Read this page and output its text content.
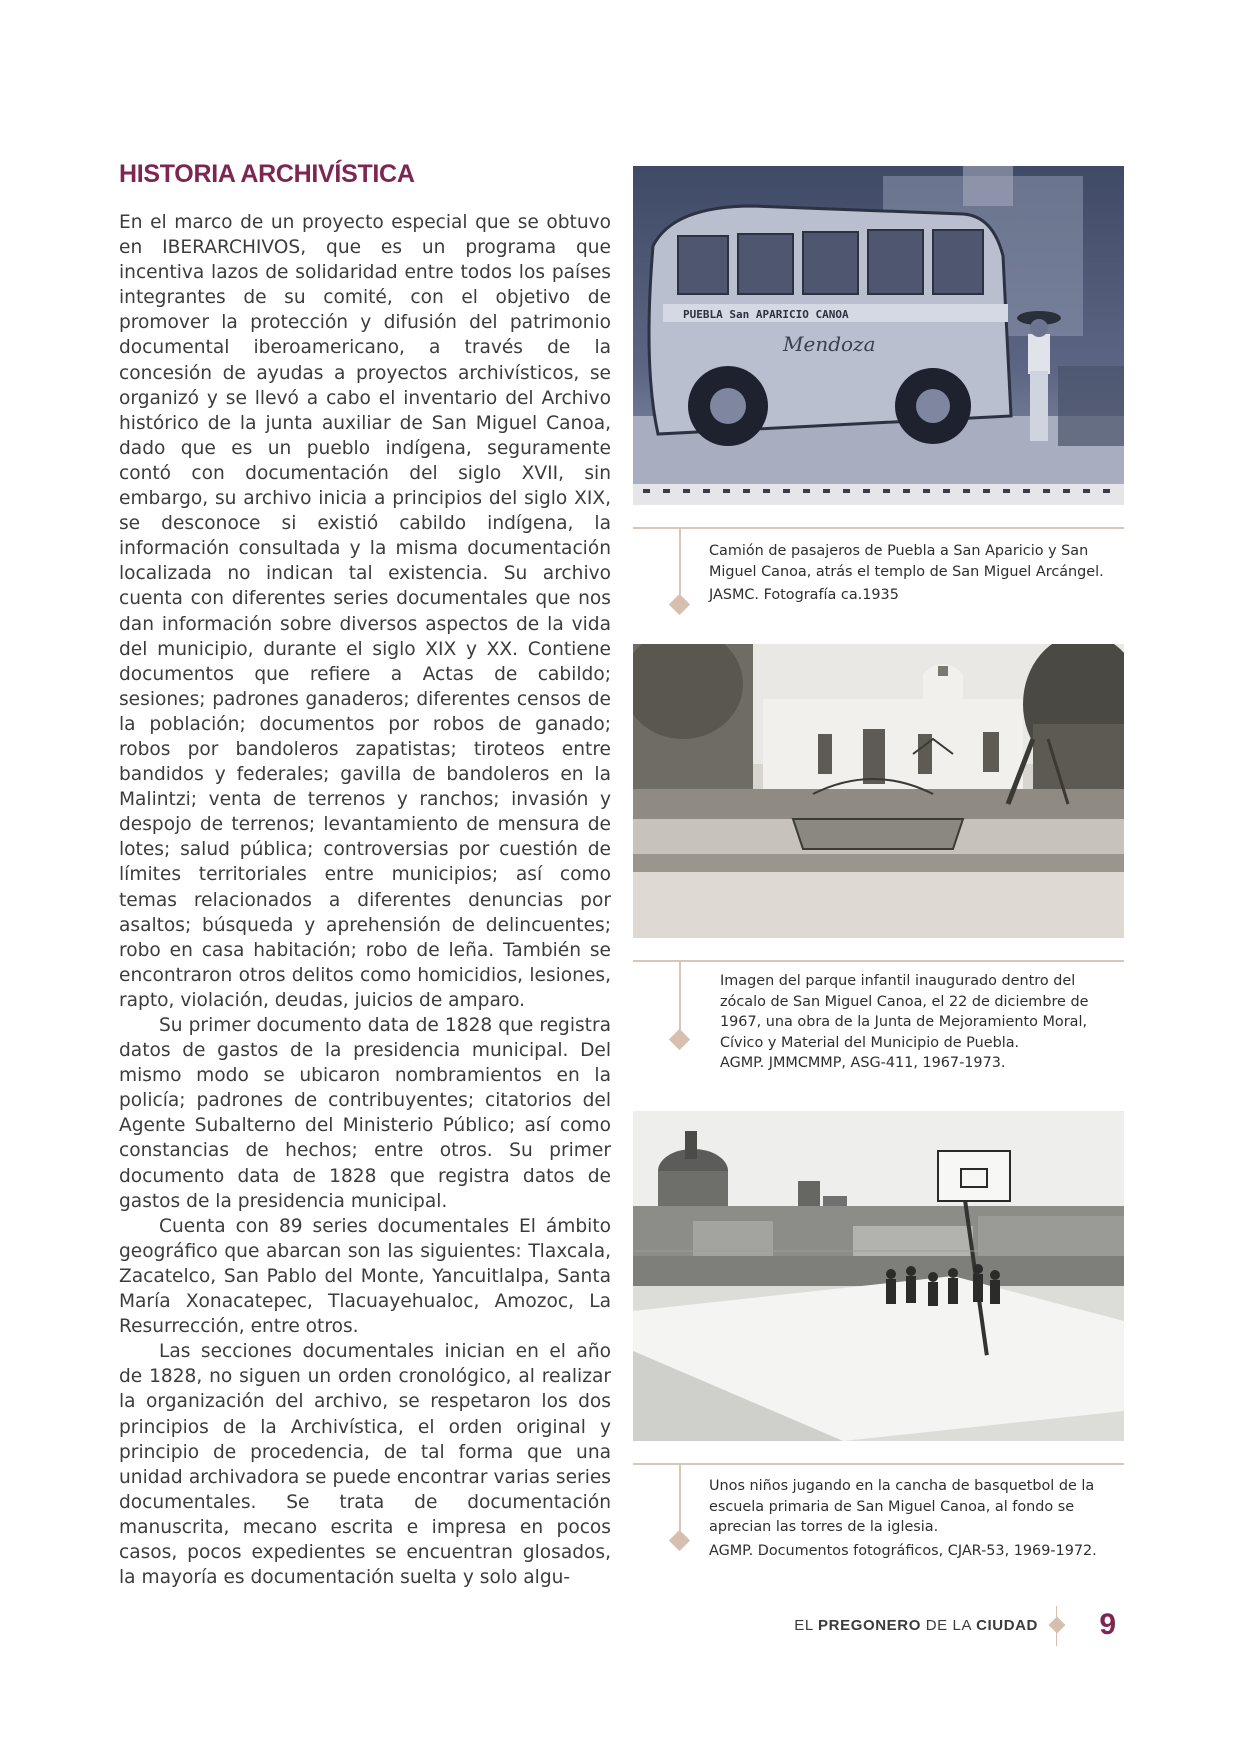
HISTORIA ARCHIVÍSTICA

En el marco de un proyecto especial que se obtuvo en IBERARCHIVOS, que es un programa que incentiva lazos de solidaridad entre todos los países integrantes de su comité, con el objetivo de promover la protección y difusión del patrimonio documental iberoamericano, a través de la concesión de ayudas a proyectos archivísticos, se organizó y se llevó a cabo el inventario del Archivo histórico de la junta auxiliar de San Miguel Canoa, dado que es un pueblo indígena, seguramente contó con documentación del siglo XVII, sin embargo, su archivo inicia a principios del siglo XIX, se desconoce si existió cabildo indígena, la información consultada y la misma documentación localizada no indican tal existencia. Su archivo cuenta con diferentes series documentales que nos dan información sobre diversos aspectos de la vida del municipio, durante el siglo XIX y XX. Contiene documentos que refiere a Actas de cabildo; sesiones; padrones ganaderos; diferentes censos de la población; documentos por robos de ganado; robos por bandoleros zapatistas; tiroteos entre bandidos y federales; gavilla de bandoleros en la Malintzi; venta de terrenos y ranchos; invasión y despojo de terrenos; levantamiento de mensura de lotes; salud pública; controversias por cuestión de límites territoriales entre municipios; así como temas relacionados a diferentes denuncias por asaltos; búsqueda y aprehensión de delincuentes; robo en casa habitación; robo de leña. También se encontraron otros delitos como homicidios, lesiones, rapto, violación, deudas, juicios de amparo.

Su primer documento data de 1828 que registra datos de gastos de la presidencia municipal. Del mismo modo se ubicaron nombramientos en la policía; padrones de contribuyentes; citatorios del Agente Subalterno del Ministerio Público; así como constancias de hechos; entre otros. Su primer documento data de 1828 que registra datos de gastos de la presidencia municipal.

Cuenta con 89 series documentales El ámbito geográfico que abarcan son las siguientes: Tlaxcala, Zacatelco, San Pablo del Monte, Yancuitlalpa, Santa María Xonacatepec, Tlacuayehualoc, Amozoc, La Resurrección, entre otros.

Las secciones documentales inician en el año de 1828, no siguen un orden cronológico, al realizar la organización del archivo, se respetaron los dos principios de la Archivística, el orden original y principio de procedencia, de tal forma que una unidad archivadora se puede encontrar varias series documentales. Se trata de documentación manuscrita, mecano escrita e impresa en pocos casos, pocos expedientes se encuentran glosados, la mayoría es documentación suelta y solo algu-

PUEBLA San APARICIO CANOA
Mendoza
Camión de pasajeros de Puebla a San Aparicio y San Miguel Canoa, atrás el templo de San Miguel Arcángel.
JASMC. Fotografía ca.1935
Imagen del parque infantil inaugurado dentro del zócalo de San Miguel Canoa, el 22 de diciembre de 1967, una obra de la Junta de Mejoramiento Moral, Cívico y Material del Municipio de Puebla.
AGMP. JMMCMMP, ASG-411, 1967-1973.
Unos niños jugando en la cancha de basquetbol de la escuela primaria de San Miguel Canoa, al fondo se aprecian las torres de la iglesia.
AGMP. Documentos fotográficos, CJAR-53, 1969-1972.
EL PREGONERO DE LA CIUDAD 9
